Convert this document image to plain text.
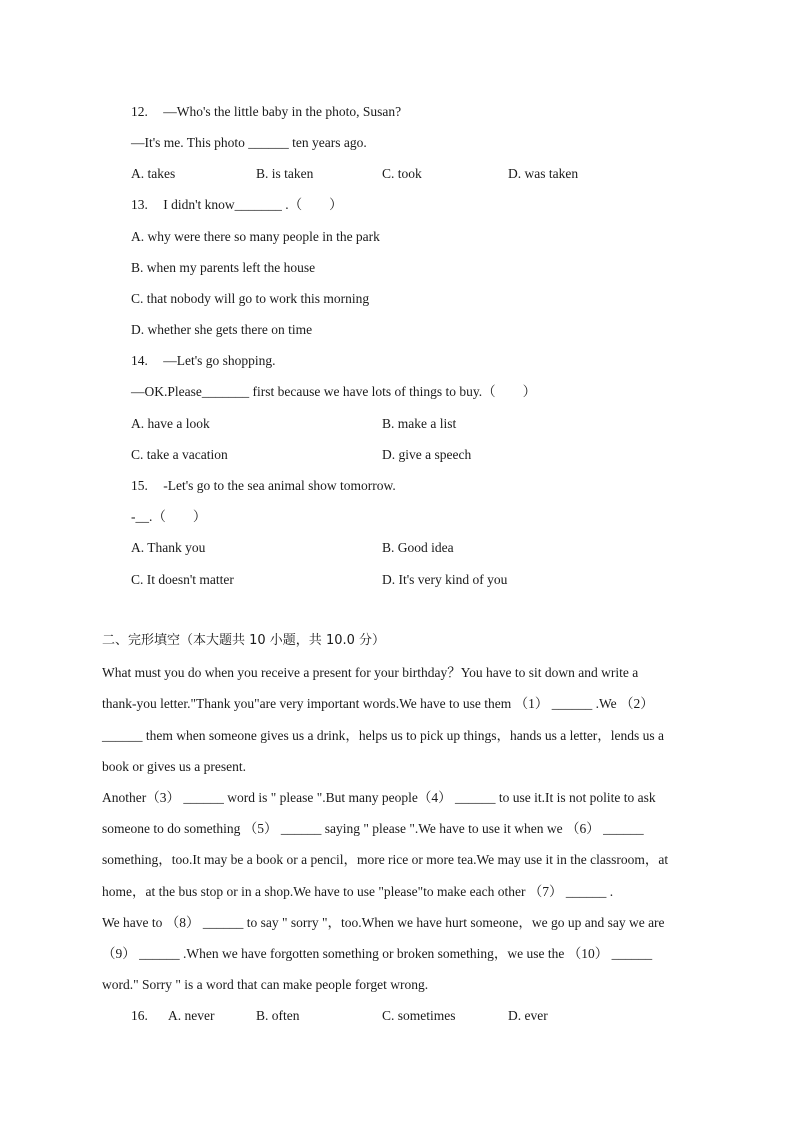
12. —Who's the little baby in the photo, Susan?
—It's me. This photo ______ ten years ago.
A. takes	B. is taken	C. took	D. was taken
13. I didn't know_______ .（　　）
A. why were there so many people in the park
B. when my parents left the house
C. that nobody will go to work this morning
D. whether she gets there on time
14. —Let's go shopping.
—OK.Please_______ first because we have lots of things to buy.（　　）
A. have a look	B. make a list
C. take a vacation	D. give a speech
15. -Let's go to the sea animal show tomorrow.
-__.（　　）
A. Thank you	B. Good idea
C. It doesn't matter	D. It's very kind of you
二、完形填空（本大题共 10 小题，共 10.0 分）
What must you do when you receive a present for your birthday？You have to sit down and write a
thank-you letter."Thank you"are very important words.We have to use them （1） ______ .We （2）
______ them when someone gives us a drink，helps us to pick up things，hands us a letter，lends us a
book or gives us a present.
Another（3） ______ word is " please ".But many people（4） ______ to use it.It is not polite to ask
someone to do something （5） ______ saying " please ".We have to use it when we （6） ______
something，too.It may be a book or a pencil，more rice or more tea.We may use it in the classroom，at
home，at the bus stop or in a shop.We have to use "please"to make each other （7） ______ .
We have to （8） ______ to say " sorry "，too.When we have hurt someone，we go up and say we are
（9） ______ .When we have forgotten something or broken something，we use the （10） ______
word." Sorry " is a word that can make people forget wrong.
16. A. never	B. often	C. sometimes	D. ever
